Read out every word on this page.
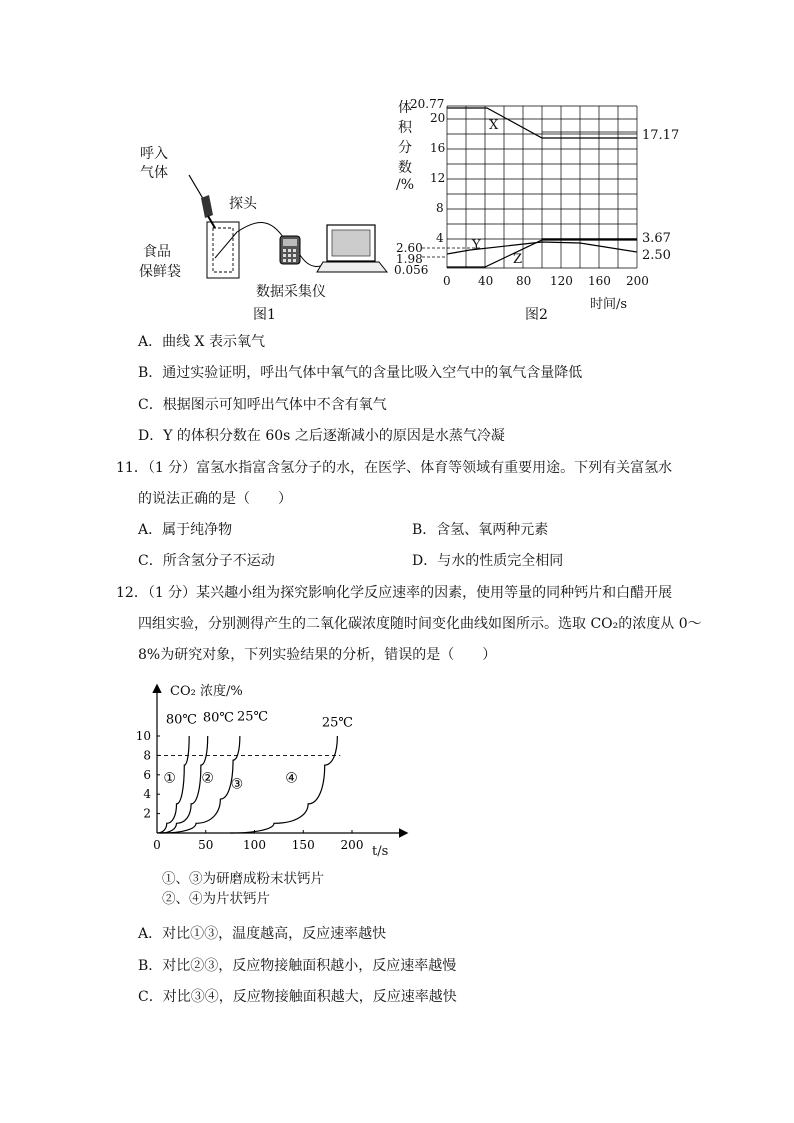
呼入
气体
探头
食品
保鲜袋
数据采集仪
图1
体
积
分
数
/%
20.77
20
16
12
8
4
2.60
1.98
0.056
0 40 80 120 160 200
时间/s
图2
17.17
3.67
2.50
X
Y
Z
A．曲线 X 表示氧气
B．通过实验证明，呼出气体中氧气的含量比吸入空气中的氧气含量降低
C．根据图示可知呼出气体中不含有氧气
D．Y 的体积分数在 60s 之后逐渐减小的原因是水蒸气冷凝
11．（1 分）富氢水指富含氢分子的水，在医学、体育等领域有重要用途。下列有关富氢水
的说法正确的是（　　）
A．属于纯净物	B．含氢、氧两种元素
C．所含氢分子不运动	D．与水的性质完全相同
12．（1 分）某兴趣小组为探究影响化学反应速率的因素，使用等量的同种钙片和白醋开展
四组实验，分别测得产生的二氧化碳浓度随时间变化曲线如图所示。选取 CO₂的浓度从 0～
8%为研究对象，下列实验结果的分析，错误的是（　　）
0	50 100 150 200
2
4
6
8
10
①
80℃
②
80℃
③
25℃
④
25℃
CO₂ 浓度/%
t/s
①、③为研磨成粉末状钙片
②、④为片状钙片
A．对比①③，温度越高，反应速率越快
B．对比②③，反应物接触面积越小，反应速率越慢
C．对比③④，反应物接触面积越大，反应速率越快
